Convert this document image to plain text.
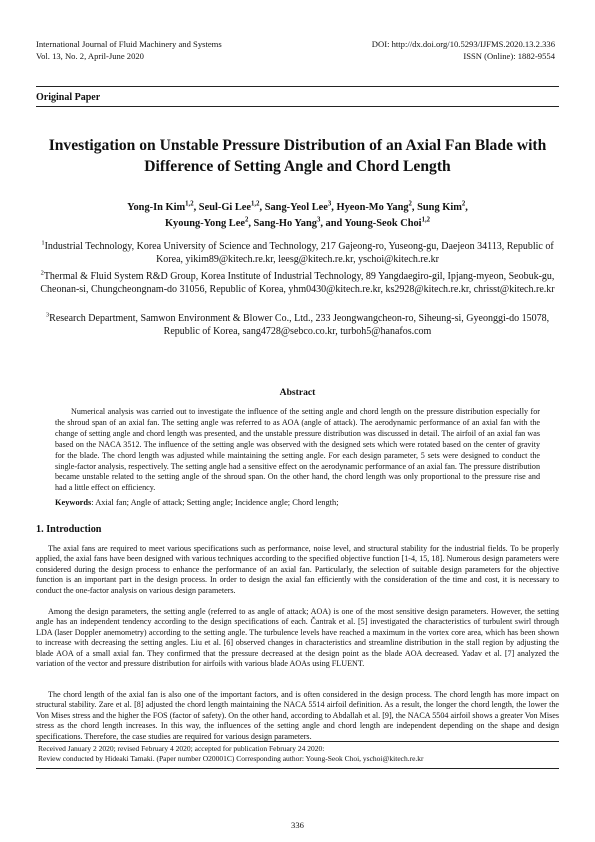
International Journal of Fluid Machinery and Systems
Vol. 13, No. 2, April-June 2020
DOI: http://dx.doi.org/10.5293/IJFMS.2020.13.2.336
ISSN (Online): 1882-9554
Original Paper
Investigation on Unstable Pressure Distribution of an Axial Fan Blade with Difference of Setting Angle and Chord Length
Yong-In Kim$^{1,2}$, Seul-Gi Lee$^{1,2}$, Sang-Yeol Lee$^3$, Hyeon-Mo Yang$^2$, Sung Kim$^2$,
Kyoung-Yong Lee$^2$, Sang-Ho Yang$^3$, and Young-Seok Choi$^{1,2}$
$^1$Industrial Technology, Korea University of Science and Technology, 217 Gajeong-ro, Yuseong-gu, Daejeon 34113, Republic of Korea, yikim89@kitech.re.kr, leesg@kitech.re.kr, yschoi@kitech.re.kr
$^2$Thermal & Fluid System R&D Group, Korea Institute of Industrial Technology, 89 Yangdaegiro-gil, Ipjang-myeon, Seobuk-gu, Cheonan-si, Chungcheongnam-do 31056, Republic of Korea, yhm0430@kitech.re.kr, ks2928@kitech.re.kr, chrisst@kitech.re.kr
$^3$Research Department, Samwon Environment & Blower Co., Ltd., 233 Jeongwangcheon-ro, Siheung-si, Gyeonggi-do 15078, Republic of Korea, sang4728@sebco.co.kr, turboh5@hanafos.com
Abstract
Numerical analysis was carried out to investigate the influence of the setting angle and chord length on the pressure distribution especially for the shroud span of an axial fan. The setting angle was referred to as AOA (angle of attack). The aerodynamic performance of an axial fan with the change of setting angle and chord length was presented, and the unstable pressure distribution was discussed in detail. The airfoil of an axial fan was based on the NACA 3512. The influence of the setting angle was observed with the designed sets which were rotated based on the center of gravity for the blade. The chord length was adjusted while maintaining the setting angle. For each design parameter, 5 sets were designed to conduct the single-factor analysis, respectively. The setting angle had a sensitive effect on the aerodynamic performance of an axial fan. The pressure distribution became unstable related to the setting angle of the shroud span. On the other hand, the chord length was only proportional to the pressure rise and had a little effect on efficiency.
Keywords: Axial fan; Angle of attack; Setting angle; Incidence angle; Chord length;
1. Introduction
The axial fans are required to meet various specifications such as performance, noise level, and structural stability for the industrial fields. To be properly applied, the axial fans have been designed with various techniques according to the specified objective function [1-4, 15, 18]. Numerous design parameters were considered during the design process to enhance the performance of an axial fan. Particularly, the selection of suitable design parameters for the objective function is an important part in the design process. In order to design the axial fan efficiently with the consideration of the time and cost, it is necessary to conduct the one-factor analysis on various design parameters.
Among the design parameters, the setting angle (referred to as angle of attack; AOA) is one of the most sensitive design parameters. However, the setting angle has an independent tendency according to the design specifications of each. Čantrak et al. [5] investigated the characteristics of turbulent swirl through LDA (laser Doppler anemometry) according to the setting angle. The turbulence levels have reached a maximum in the vortex core area, which has been shown to increase with decreasing the setting angles. Liu et al. [6] observed changes in characteristics and streamline distribution in the stall region by adjusting the blade AOA of a small axial fan. They confirmed that the pressure decreased at the design point as the blade AOA decreased. Yadav et al. [7] analyzed the variation of the vector and pressure distribution for airfoils with various blade AOAs using FLUENT.
The chord length of the axial fan is also one of the important factors, and is often considered in the design process. The chord length has more impact on structural stability. Zare et al. [8] adjusted the chord length maintaining the NACA 5514 airfoil definition. As a result, the longer the chord length, the lower the Von Mises stress and the higher the FOS (factor of safety). On the other hand, according to Abdallah et al. [9], the NACA 5504 airfoil shows a greater Von Mises stress as the chord length increases. In this way, the influences of the setting angle and chord length are independent depending on the shape and design specifications. Therefore, the case studies are required for various design parameters.
Received January 2 2020; revised February 4 2020; accepted for publication February 24 2020:
Review conducted by Hideaki Tamaki. (Paper number O20001C) Corresponding author: Young-Seok Choi, yschoi@kitech.re.kr
336
